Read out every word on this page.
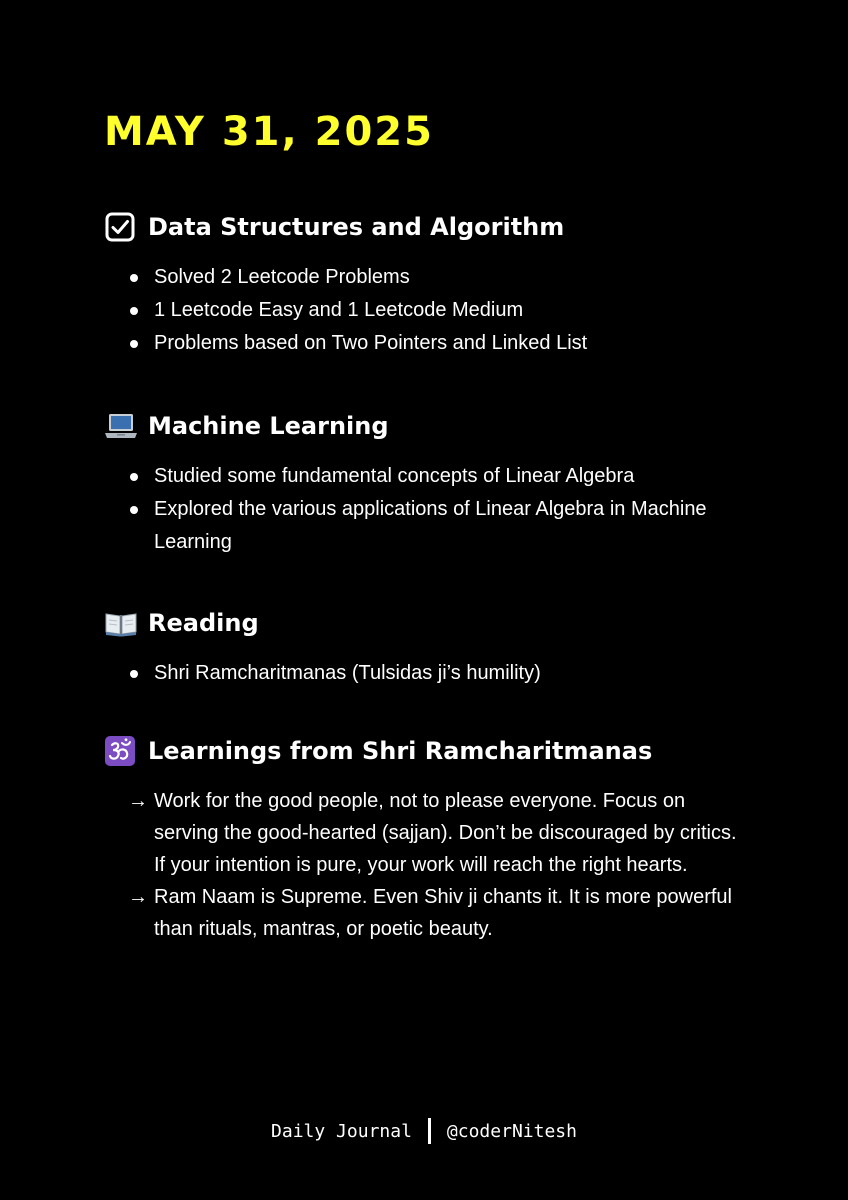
MAY 31, 2025
Data Structures and Algorithm
Solved 2 Leetcode Problems
1 Leetcode Easy and 1 Leetcode Medium
Problems based on Two Pointers and Linked List
Machine Learning
Studied some fundamental concepts of Linear Algebra
Explored the various applications of Linear Algebra in Machine Learning
Reading
Shri Ramcharitmanas (Tulsidas ji’s humility)
Learnings from Shri Ramcharitmanas
→ Work for the good people, not to please everyone. Focus on serving the good-hearted (sajjan). Don’t be discouraged by critics. If your intention is pure, your work will reach the right hearts.
→ Ram Naam is Supreme. Even Shiv ji chants it. It is more powerful than rituals, mantras, or poetic beauty.
Daily Journal @coderNitesh
